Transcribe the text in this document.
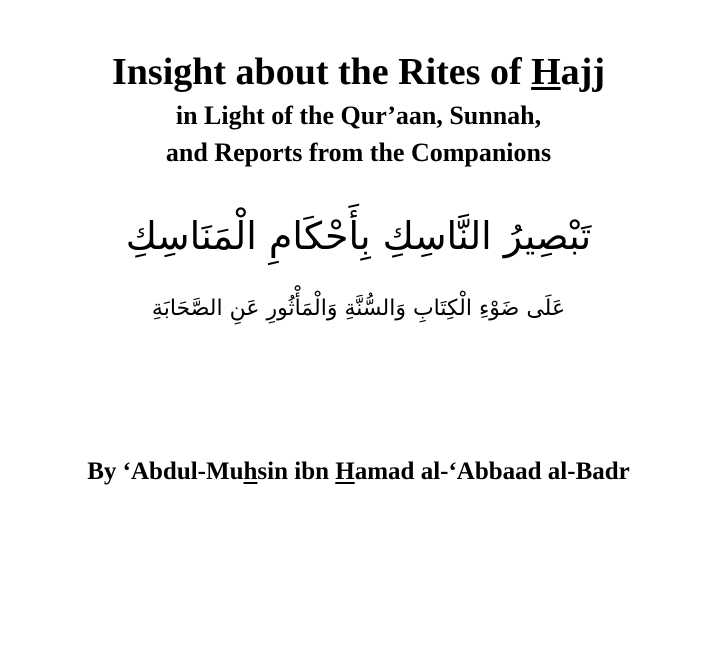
Insight about the Rites of Hajj
in Light of the Qur’aan, Sunnah,
and Reports from the Companions
تَبْصِيرُ النَّاسِكِ بِأَحْكَامِ الْمَنَاسِكِ
عَلَى ضَوْءِ الْكِتَابِ وَالسُّنَّةِ وَالْمَأْثُورِ عَنِ الصَّحَابَةِ
By ‘Abdul-Muhsin ibn Hamad al-‘Abbaad al-Badr
